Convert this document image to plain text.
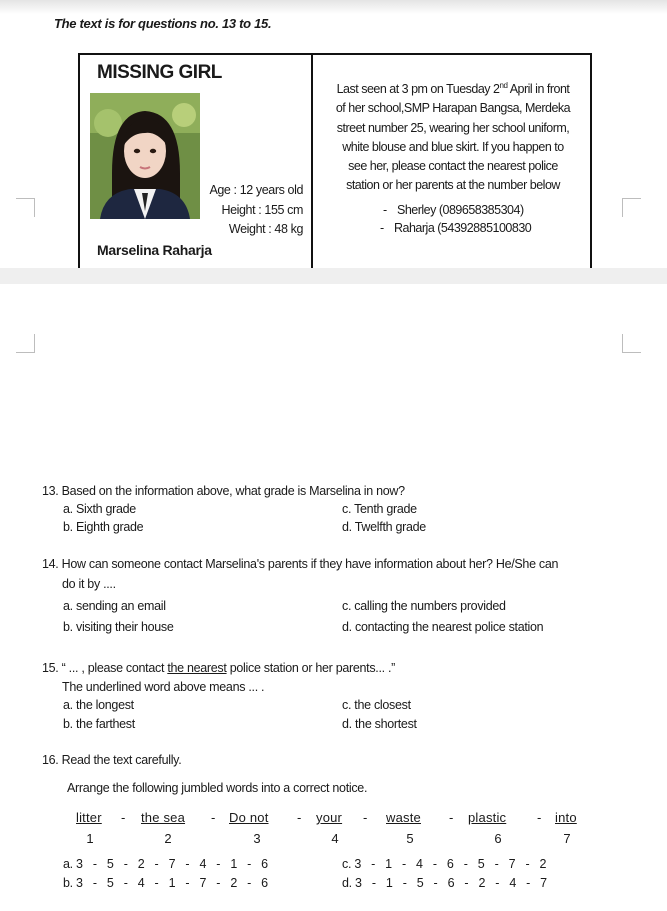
The text is for questions no. 13 to 15.
MISSING GIRL
Age : 12 years old
Height : 155 cm
Weight : 48 kg
Marselina Raharja
Last seen at 3 pm on Tuesday 2nd April in front
of her school,SMP Harapan Bangsa, Merdeka
street number 25, wearing her school uniform,
white blouse and blue skirt. If you happen to
see her, please contact the nearest police
station or her parents at the number below
- Sherley (089658385304)
- Raharja (54392885100830
13. Based on the information above, what grade is Marselina in now?
a. Sixth grade
b. Eighth grade
c. Tenth grade
d. Twelfth grade
14. How can someone contact Marselina's parents if they have information about her? He/She can
do it by ....
a. sending an email
b. visiting their house
c. calling the numbers provided
d. contacting the nearest police station
15. “ ... , please contact the nearest police station or her parents... .”
The underlined word above means ... .
a. the longest
b. the farthest
c. the closest
d. the shortest
16. Read the text carefully.
Arrange the following jumbled words into a correct notice.
litter - the sea - Do not - your - waste - plastic - into
1	2	3	4	5	6	7
a. 3 - 5 - 2 - 7 - 4 - 1 - 6
b. 3 - 5 - 4 - 1 - 7 - 2 - 6
c. 3 - 1 - 4 - 6 - 5 - 7 - 2
d. 3 - 1 - 5 - 6 - 2 - 4 - 7
